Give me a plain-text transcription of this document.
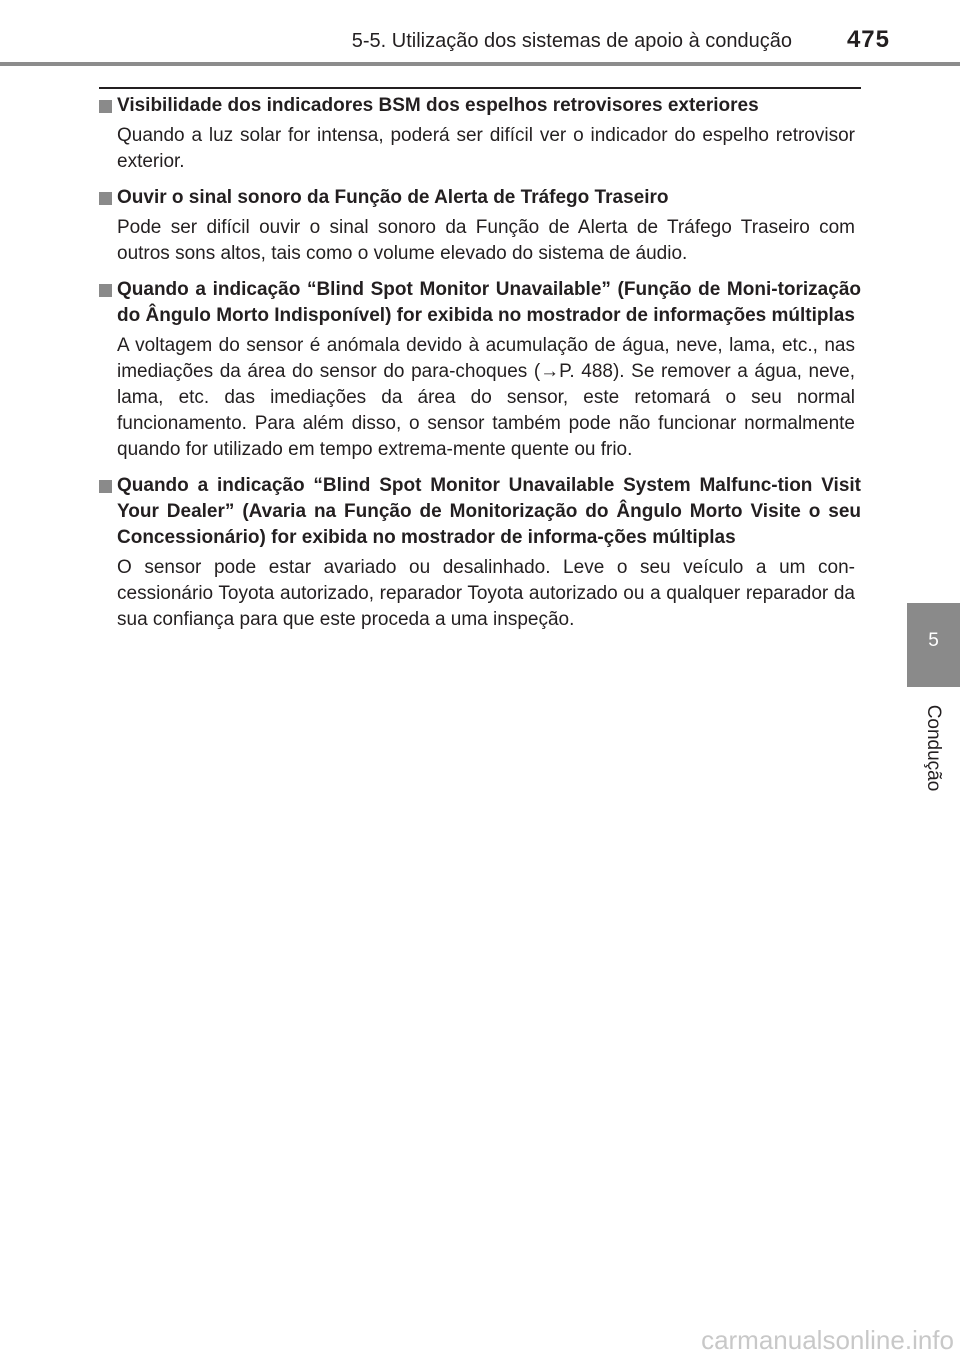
5-5. Utilização dos sistemas de apoio à condução 475
Visibilidade dos indicadores BSM dos espelhos retrovisores exteriores
Quando a luz solar for intensa, poderá ser difícil ver o indicador do espelho retrovisor exterior.
Ouvir o sinal sonoro da Função de Alerta de Tráfego Traseiro
Pode ser difícil ouvir o sinal sonoro da Função de Alerta de Tráfego Traseiro com outros sons altos, tais como o volume elevado do sistema de áudio.
Quando a indicação “Blind Spot Monitor Unavailable” (Função de Moni-torização do Ângulo Morto Indisponível) for exibida no mostrador de informações múltiplas
A voltagem do sensor é anómala devido à acumulação de água, neve, lama, etc., nas imediações da área do sensor do para-choques (→P. 488). Se remover a água, neve, lama, etc. das imediações da área do sensor, este retomará o seu normal funcionamento. Para além disso, o sensor também pode não funcionar normalmente quando for utilizado em tempo extrema-mente quente ou frio.
Quando a indicação “Blind Spot Monitor Unavailable System Malfunc-tion Visit Your Dealer” (Avaria na Função de Monitorização do Ângulo Morto Visite o seu Concessionário) for exibida no mostrador de informa-ções múltiplas
O sensor pode estar avariado ou desalinhado. Leve o seu veículo a um con-cessionário Toyota autorizado, reparador Toyota autorizado ou a qualquer reparador da sua confiança para que este proceda a uma inspeção.
5
Condução
carmanualsonline.info
